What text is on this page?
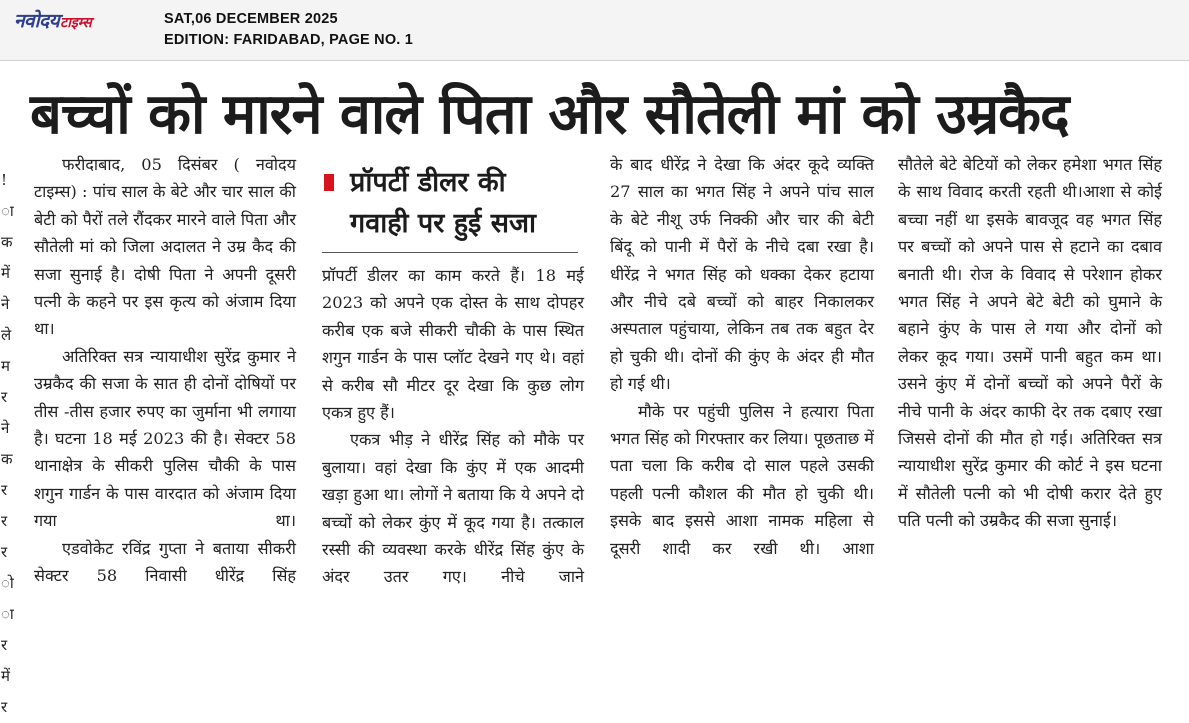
नवोदय टाइम्स	SAT,06 DECEMBER 2025
EDITION: FARIDABAD, PAGE NO. 1
!
ा
क
में
ने
ले
म
र
ने
क
र
र
र
ो
ा
र
में
र
बच्चों को मारने वाले पिता और सौतेली मां को उम्रकैद

फरीदाबाद, 05 दिसंबर ( नवोदय टाइम्स) : पांच साल के बेटे और चार साल की बेटी को पैरों तले रौंदकर मारने वाले पिता और सौतेली मां को जिला अदालत ने उम्र कैद की सजा सुनाई है। दोषी पिता ने अपनी दूसरी पत्नी के कहने पर इस कृत्य को अंजाम दिया था।

अतिरिक्त सत्र न्यायाधीश सुरेंद्र कुमार ने उम्रकैद की सजा के सात ही दोनों दोषियों पर तीस -तीस हजार रुपए का जुर्माना भी लगाया है। घटना 18 मई 2023 की है। सेक्टर 58 थानाक्षेत्र के सीकरी पुलिस चौकी के पास शगुन गार्डन के पास वारदात को अंजाम दिया गया था।

एडवोकेट रविंद्र गुप्ता ने बताया सीकरी सेक्टर 58 निवासी धीरेंद्र सिंह

प्रॉपर्टी डीलर की
गवाही पर हुई सजा

प्रॉपर्टी डीलर का काम करते हैं। 18 मई 2023 को अपने एक दोस्त के साथ दोपहर करीब एक बजे सीकरी चौकी के पास स्थित शगुन गार्डन के पास प्लॉट देखने गए थे। वहां से करीब सौ मीटर दूर देखा कि कुछ लोग एकत्र हुए हैं।

एकत्र भीड़ ने धीरेंद्र सिंह को मौके पर बुलाया। वहां देखा कि कुंए में एक आदमी खड़ा हुआ था। लोगों ने बताया कि ये अपने दो बच्चों को लेकर कुंए में कूद गया है। तत्काल रस्सी की व्यवस्था करके धीरेंद्र सिंह कुंए के अंदर उतर गए। नीचे जाने

के बाद धीरेंद्र ने देखा कि अंदर कूदे व्यक्ति 27 साल का भगत सिंह ने अपने पांच साल के बेटे नीशू उर्फ निक्की और चार की बेटी बिंदू को पानी में पैरों के नीचे दबा रखा है। धीरेंद्र ने भगत सिंह को धक्का देकर हटाया और नीचे दबे बच्चों को बाहर निकालकर अस्पताल पहुंचाया, लेकिन तब तक बहुत देर हो चुकी थी। दोनों की कुंए के अंदर ही मौत हो गई थी।

मौके पर पहुंची पुलिस ने हत्यारा पिता भगत सिंह को गिरफ्तार कर लिया। पूछताछ में पता चला कि करीब दो साल पहले उसकी पहली पत्नी कौशल की मौत हो चुकी थी। इसके बाद इससे आशा नामक महिला से दूसरी शादी कर रखी थी। आशा

सौतेले बेटे बेटियों को लेकर हमेशा भगत सिंह के साथ विवाद करती रहती थी।आशा से कोई बच्चा नहीं था इसके बावजूद वह भगत सिंह पर बच्चों को अपने पास से हटाने का दबाव बनाती थी। रोज के विवाद से परेशान होकर भगत सिंह ने अपने बेटे बेटी को घुमाने के बहाने कुंए के पास ले गया और दोनों को लेकर कूद गया। उसमें पानी बहुत कम था। उसने कुंए में दोनों बच्चों को अपने पैरों के नीचे पानी के अंदर काफी देर तक दबाए रखा जिससे दोनों की मौत हो गई। अतिरिक्त सत्र न्यायाधीश सुरेंद्र कुमार की कोर्ट ने इस घटना में सौतेली पत्नी को भी दोषी करार देते हुए पति पत्नी को उम्रकैद की सजा सुनाई।
